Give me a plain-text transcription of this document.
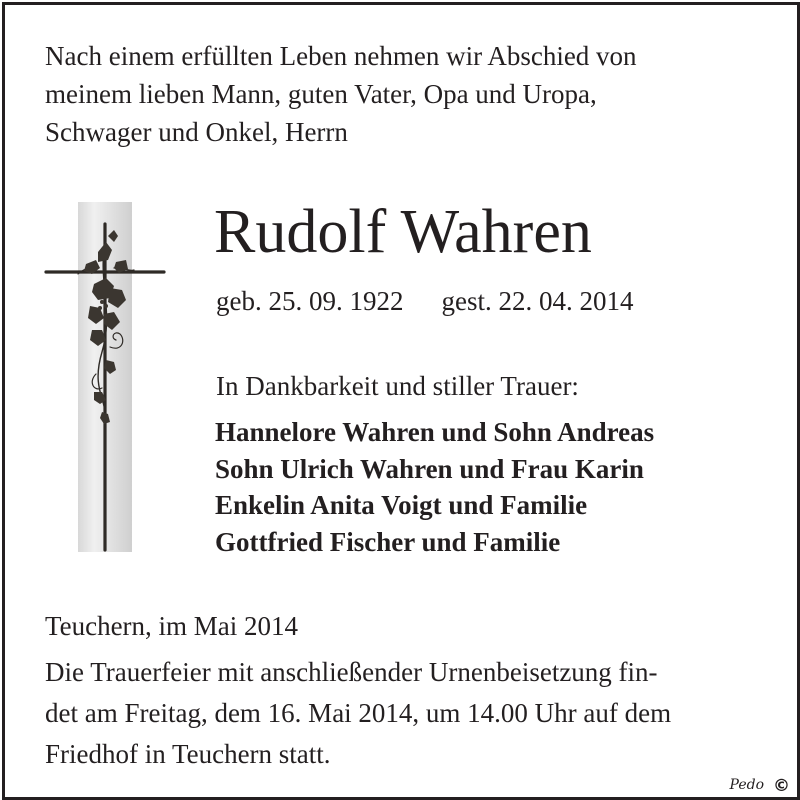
Nach einem erfüllten Leben nehmen wir Abschied von
meinem lieben Mann, guten Vater, Opa und Uropa,
Schwager und Onkel, Herrn
Rudolf Wahren
geb. 25. 09. 1922 gest. 22. 04. 2014
In Dankbarkeit und stiller Trauer:
Hannelore Wahren und Sohn Andreas
Sohn Ulrich Wahren und Frau Karin
Enkelin Anita Voigt und Familie
Gottfried Fischer und Familie
Teuchern, im Mai 2014
Die Trauerfeier mit anschließender Urnenbeisetzung fin-
det am Freitag, dem 16. Mai 2014, um 14.00 Uhr auf dem
Friedhof in Teuchern statt.
Pedo ©
